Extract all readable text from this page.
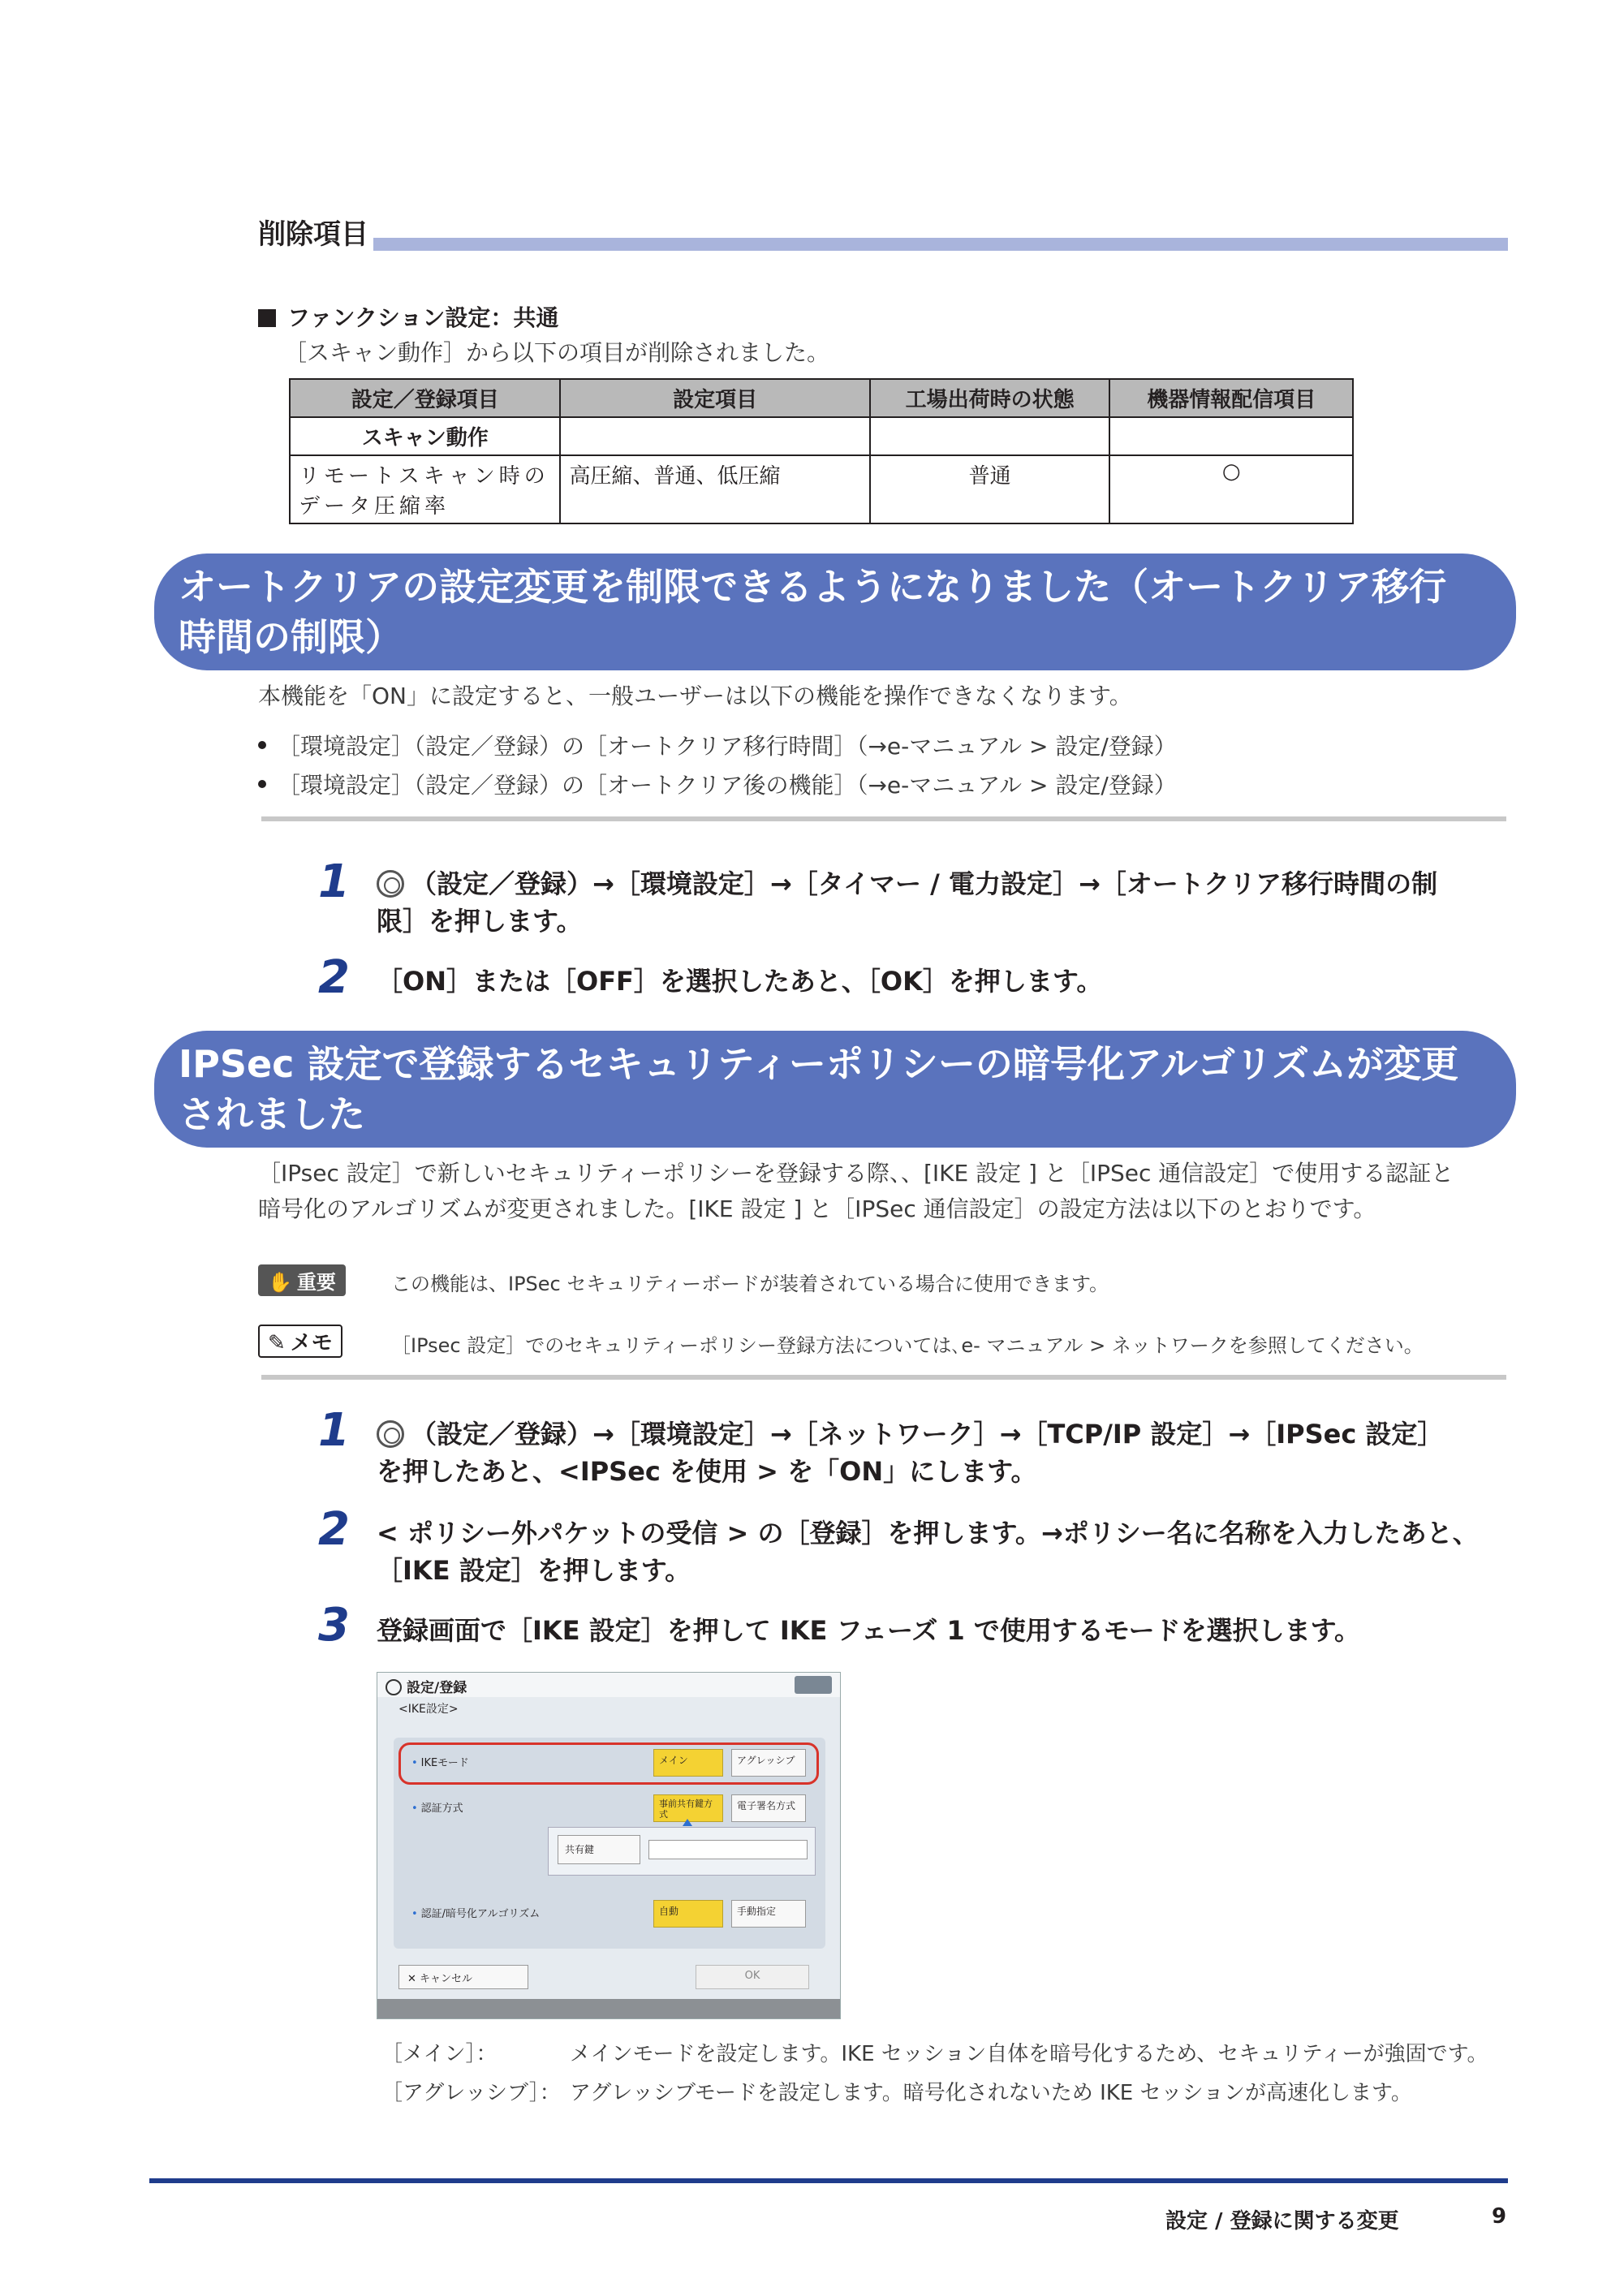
削除項目
ファンクション設定：共通
［スキャン動作］から以下の項目が削除されました。
設定／登録項目	設定項目	工場出荷時の状態	機器情報配信項目
スキャン動作			
リモートスキャン時のデータ圧縮率	高圧縮、普通、低圧縮	普通	○
オートクリアの設定変更を制限できるようになりました（オートクリア移行
時間の制限）
本機能を「ON」に設定すると、一般ユーザーは以下の機能を操作できなくなります。
［環境設定］（設定／登録）の［オートクリア移行時間］（→e-マニュアル > 設定/登録）
［環境設定］（設定／登録）の［オートクリア後の機能］（→e-マニュアル > 設定/登録）
1	（設定／登録）→［環境設定］→［タイマー / 電力設定］→［オートクリア移行時間の制
限］を押します。
2 ［ON］または［OFF］を選択したあと、［OK］を押します。
IPSec 設定で登録するセキュリティーポリシーの暗号化アルゴリズムが変更
されました
［IPsec 設定］で新しいセキュリティーポリシーを登録する際、、[IKE 設定 ] と［IPSec 通信設定］で使用する認証と
暗号化のアルゴリズムが変更されました。[IKE 設定 ] と［IPSec 通信設定］の設定方法は以下のとおりです。
✋ 重要	この機能は、IPSec セキュリティーボードが装着されている場合に使用できます。
✎ メモ	［IPsec 設定］でのセキュリティーポリシー登録方法については､e- マニュアル > ネットワークを参照してください。
1	（設定／登録）→［環境設定］→［ネットワーク］→［TCP/IP 設定］→［IPSec 設定］
を押したあと、<IPSec を使用 > を「ON」にします。
2 < ポリシー外パケットの受信 > の［登録］を押します。→ポリシー名に名称を入力したあと、
［IKE 設定］を押します。
3 登録画面で［IKE 設定］を押して IKE フェーズ 1 で使用するモードを選択します。
設定/登録
<IKE設定>
• IKEモード	メイン	アグレッシブ
• 認証方式	事前共有鍵方式
電子署名方式
共有鍵
• 認証/暗号化アルゴリズム	自動	手動指定
✕ キャンセル	OK
［メイン］：	メインモードを設定します。IKE セッション自体を暗号化するため、セキュリティーが強固です。
［アグレッシブ］： アグレッシブモードを設定します。暗号化されないため IKE セッションが高速化します。
設定 / 登録に関する変更	9
